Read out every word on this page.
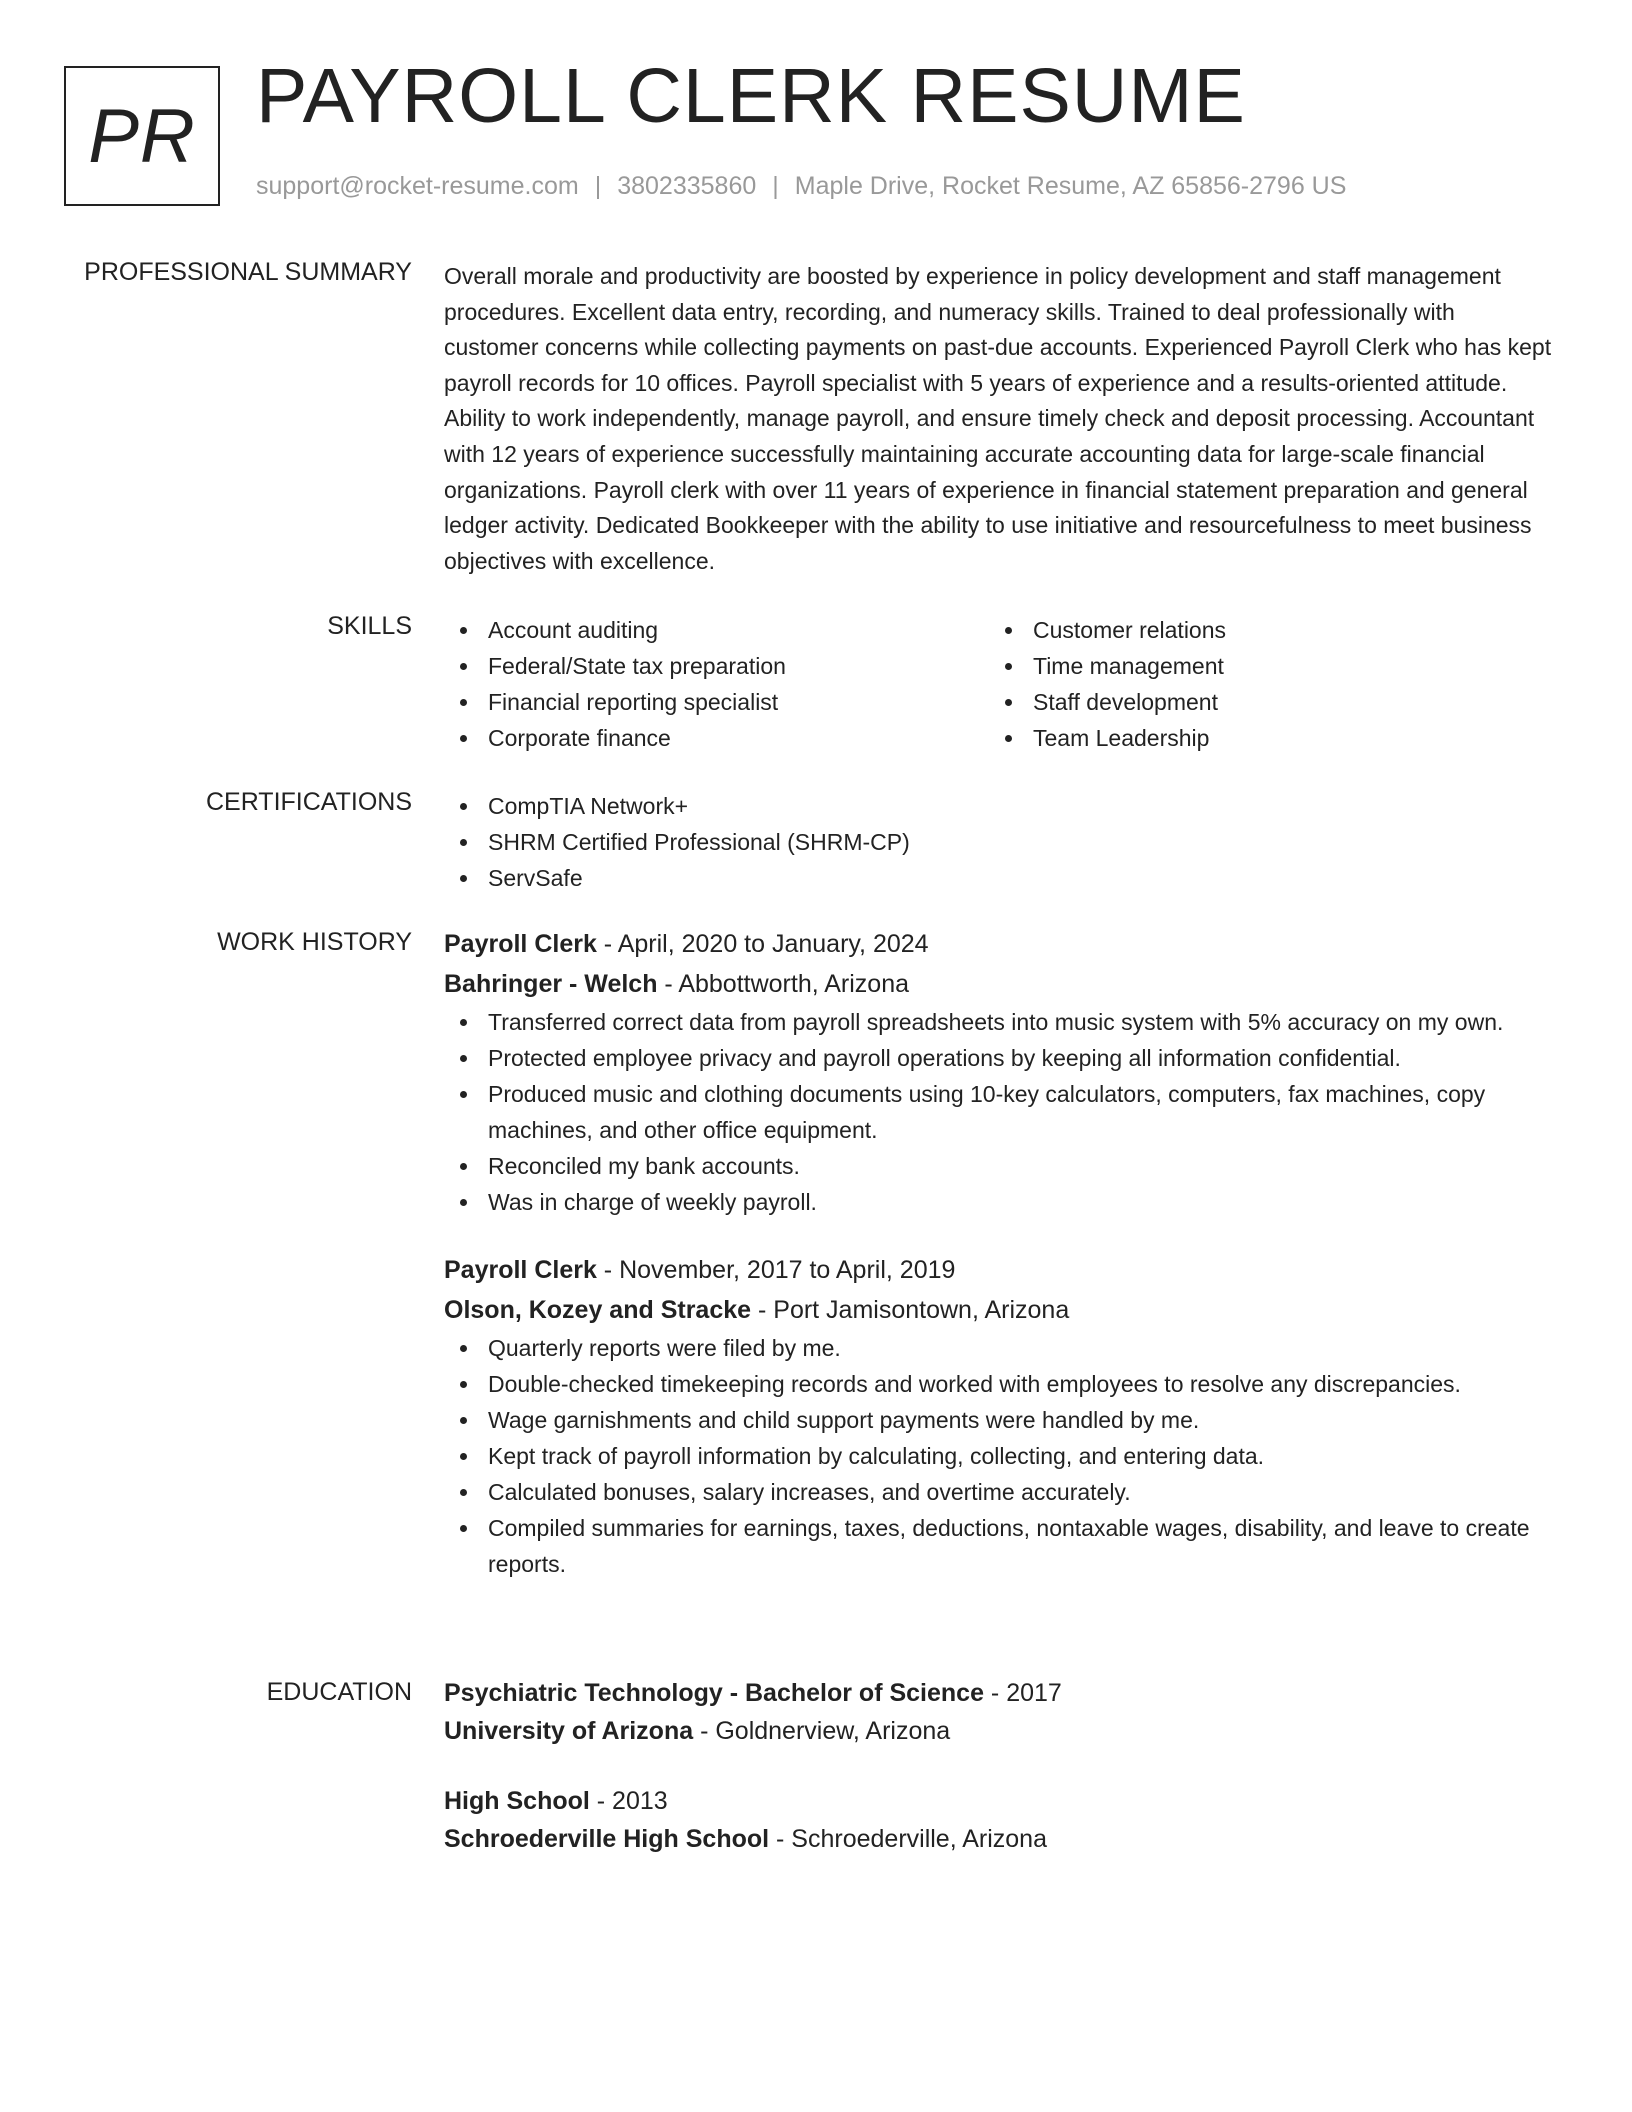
PR PAYROLL CLERK RESUME
support@rocket-resume.com | 3802335860 | Maple Drive, Rocket Resume, AZ 65856-2796 US
PROFESSIONAL SUMMARY Overall morale and productivity are boosted by experience in policy development and staff management procedures. Excellent data entry, recording, and numeracy skills. Trained to deal professionally with customer concerns while collecting payments on past-due accounts. Experienced Payroll Clerk who has kept payroll records for 10 offices. Payroll specialist with 5 years of experience and a results-oriented attitude. Ability to work independently, manage payroll, and ensure timely check and deposit processing. Accountant with 12 years of experience successfully maintaining accurate accounting data for large-scale financial organizations. Payroll clerk with over 11 years of experience in financial statement preparation and general ledger activity. Dedicated Bookkeeper with the ability to use initiative and resourcefulness to meet business objectives with excellence.

SKILLS	Account auditing
Federal/State tax preparation
Financial reporting specialist
Corporate finance
Customer relations
Time management
Staff development
Team Leadership
CERTIFICATIONS	CompTIA Network+
SHRM Certified Professional (SHRM-CP)
ServSafe
WORK HISTORY Payroll Clerk - April, 2020 to January, 2024
Bahringer - Welch - Abbottworth, Arizona
Transferred correct data from payroll spreadsheets into music system with 5% accuracy on my own.
Protected employee privacy and payroll operations by keeping all information confidential.
Produced music and clothing documents using 10-key calculators, computers, fax machines, copy machines, and other office equipment.
Reconciled my bank accounts.
Was in charge of weekly payroll.
Payroll Clerk - November, 2017 to April, 2019
Olson, Kozey and Stracke - Port Jamisontown, Arizona
Quarterly reports were filed by me.
Double-checked timekeeping records and worked with employees to resolve any discrepancies.
Wage garnishments and child support payments were handled by me.
Kept track of payroll information by calculating, collecting, and entering data.
Calculated bonuses, salary increases, and overtime accurately.
Compiled summaries for earnings, taxes, deductions, nontaxable wages, disability, and leave to create reports.
EDUCATION Psychiatric Technology - Bachelor of Science - 2017
University of Arizona - Goldnerview, Arizona
High School - 2013
Schroederville High School - Schroederville, Arizona
